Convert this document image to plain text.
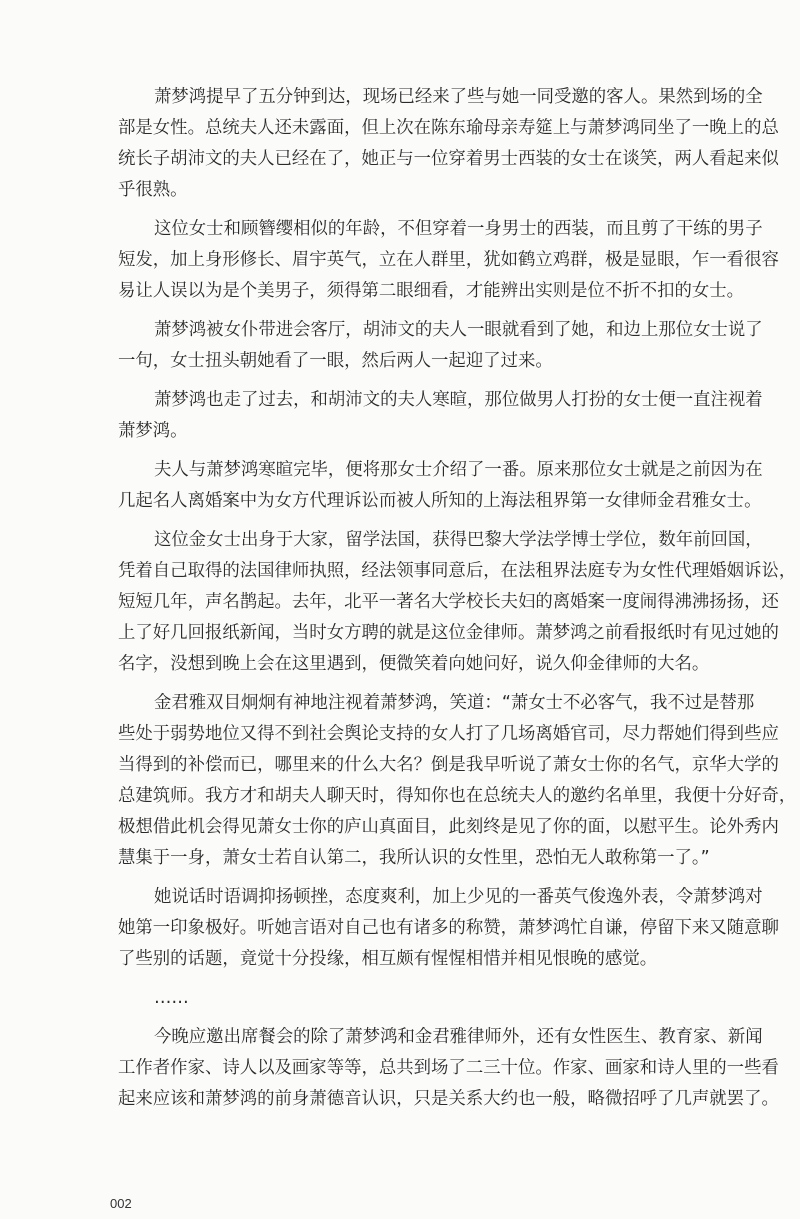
萧梦鸿提早了五分钟到达，现场已经来了些与她一同受邀的客人。果然到场的全
部是女性。总统夫人还未露面，但上次在陈东瑜母亲寿筵上与萧梦鸿同坐了一晚上的总
统长子胡沛文的夫人已经在了，她正与一位穿着男士西装的女士在谈笑，两人看起来似
乎很熟。
这位女士和顾簪缨相似的年龄，不但穿着一身男士的西装，而且剪了干练的男子
短发，加上身形修长、眉宇英气，立在人群里，犹如鹤立鸡群，极是显眼，乍一看很容
易让人误以为是个美男子，须得第二眼细看，才能辨出实则是位不折不扣的女士。
萧梦鸿被女仆带进会客厅，胡沛文的夫人一眼就看到了她，和边上那位女士说了
一句，女士扭头朝她看了一眼，然后两人一起迎了过来。
萧梦鸿也走了过去，和胡沛文的夫人寒暄，那位做男人打扮的女士便一直注视着
萧梦鸿。
夫人与萧梦鸿寒暄完毕，便将那女士介绍了一番。原来那位女士就是之前因为在
几起名人离婚案中为女方代理诉讼而被人所知的上海法租界第一女律师金君雅女士。
这位金女士出身于大家，留学法国，获得巴黎大学法学博士学位，数年前回国，
凭着自己取得的法国律师执照，经法领事同意后，在法租界法庭专为女性代理婚姻诉讼，
短短几年，声名鹊起。去年，北平一著名大学校长夫妇的离婚案一度闹得沸沸扬扬，还
上了好几回报纸新闻，当时女方聘的就是这位金律师。萧梦鸿之前看报纸时有见过她的
名字，没想到晚上会在这里遇到，便微笑着向她问好，说久仰金律师的大名。
金君雅双目炯炯有神地注视着萧梦鸿，笑道：“萧女士不必客气，我不过是替那
些处于弱势地位又得不到社会舆论支持的女人打了几场离婚官司，尽力帮她们得到些应
当得到的补偿而已，哪里来的什么大名？倒是我早听说了萧女士你的名气，京华大学的
总建筑师。我方才和胡夫人聊天时，得知你也在总统夫人的邀约名单里，我便十分好奇，
极想借此机会得见萧女士你的庐山真面目，此刻终是见了你的面，以慰平生。论外秀内
慧集于一身，萧女士若自认第二，我所认识的女性里，恐怕无人敢称第一了。”
她说话时语调抑扬顿挫，态度爽利，加上少见的一番英气俊逸外表，令萧梦鸿对
她第一印象极好。听她言语对自己也有诸多的称赞，萧梦鸿忙自谦，停留下来又随意聊
了些别的话题，竟觉十分投缘，相互颇有惺惺相惜并相见恨晚的感觉。
……
今晚应邀出席餐会的除了萧梦鸿和金君雅律师外，还有女性医生、教育家、新闻
工作者作家、诗人以及画家等等，总共到场了二三十位。作家、画家和诗人里的一些看
起来应该和萧梦鸿的前身萧德音认识，只是关系大约也一般，略微招呼了几声就罢了。
002
